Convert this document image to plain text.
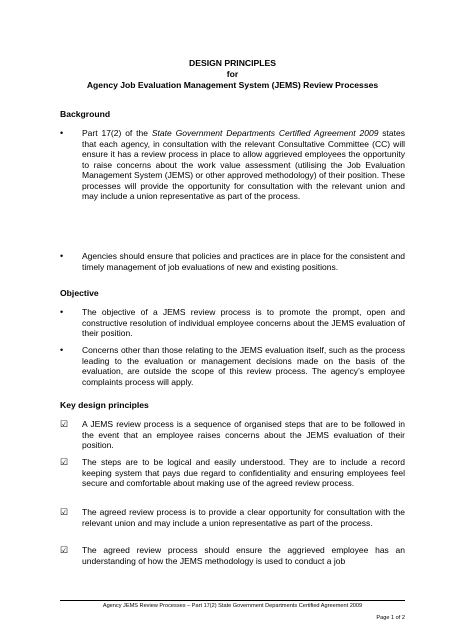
DESIGN PRINCIPLES
for
Agency Job Evaluation Management System (JEMS) Review Processes
Background
•	Part 17(2) of the State Government Departments Certified Agreement 2009 states that each agency, in consultation with the relevant Consultative Committee (CC) will ensure it has a review process in place to allow aggrieved employees the opportunity to raise concerns about the work value assessment (utilising the Job Evaluation Management System (JEMS) or other approved methodology) of their position. These processes will provide the opportunity for consultation with the relevant union and may include a union representative as part of the process.
•	Agencies should ensure that policies and practices are in place for the consistent and timely management of job evaluations of new and existing positions.
Objective
•	The objective of a JEMS review process is to promote the prompt, open and constructive resolution of individual employee concerns about the JEMS evaluation of their position.
•	Concerns other than those relating to the JEMS evaluation itself, such as the process leading to the evaluation or management decisions made on the basis of the evaluation, are outside the scope of this review process. The agency’s employee complaints process will apply.
Key design principles
☑ A JEMS review process is a sequence of organised steps that are to be followed in the event that an employee raises concerns about the JEMS evaluation of their position.
☑ The steps are to be logical and easily understood. They are to include a record keeping system that pays due regard to confidentiality and ensuring employees feel secure and comfortable about making use of the agreed review process.
☑ The agreed review process is to provide a clear opportunity for consultation with the relevant union and may include a union representative as part of the process.
☑ The agreed review process should ensure the aggrieved employee has an understanding of how the JEMS methodology is used to conduct a job
Agency JEMS Review Processes – Part 17(2) State Government Departments Certified Agreement 2009
Page 1 of 2
